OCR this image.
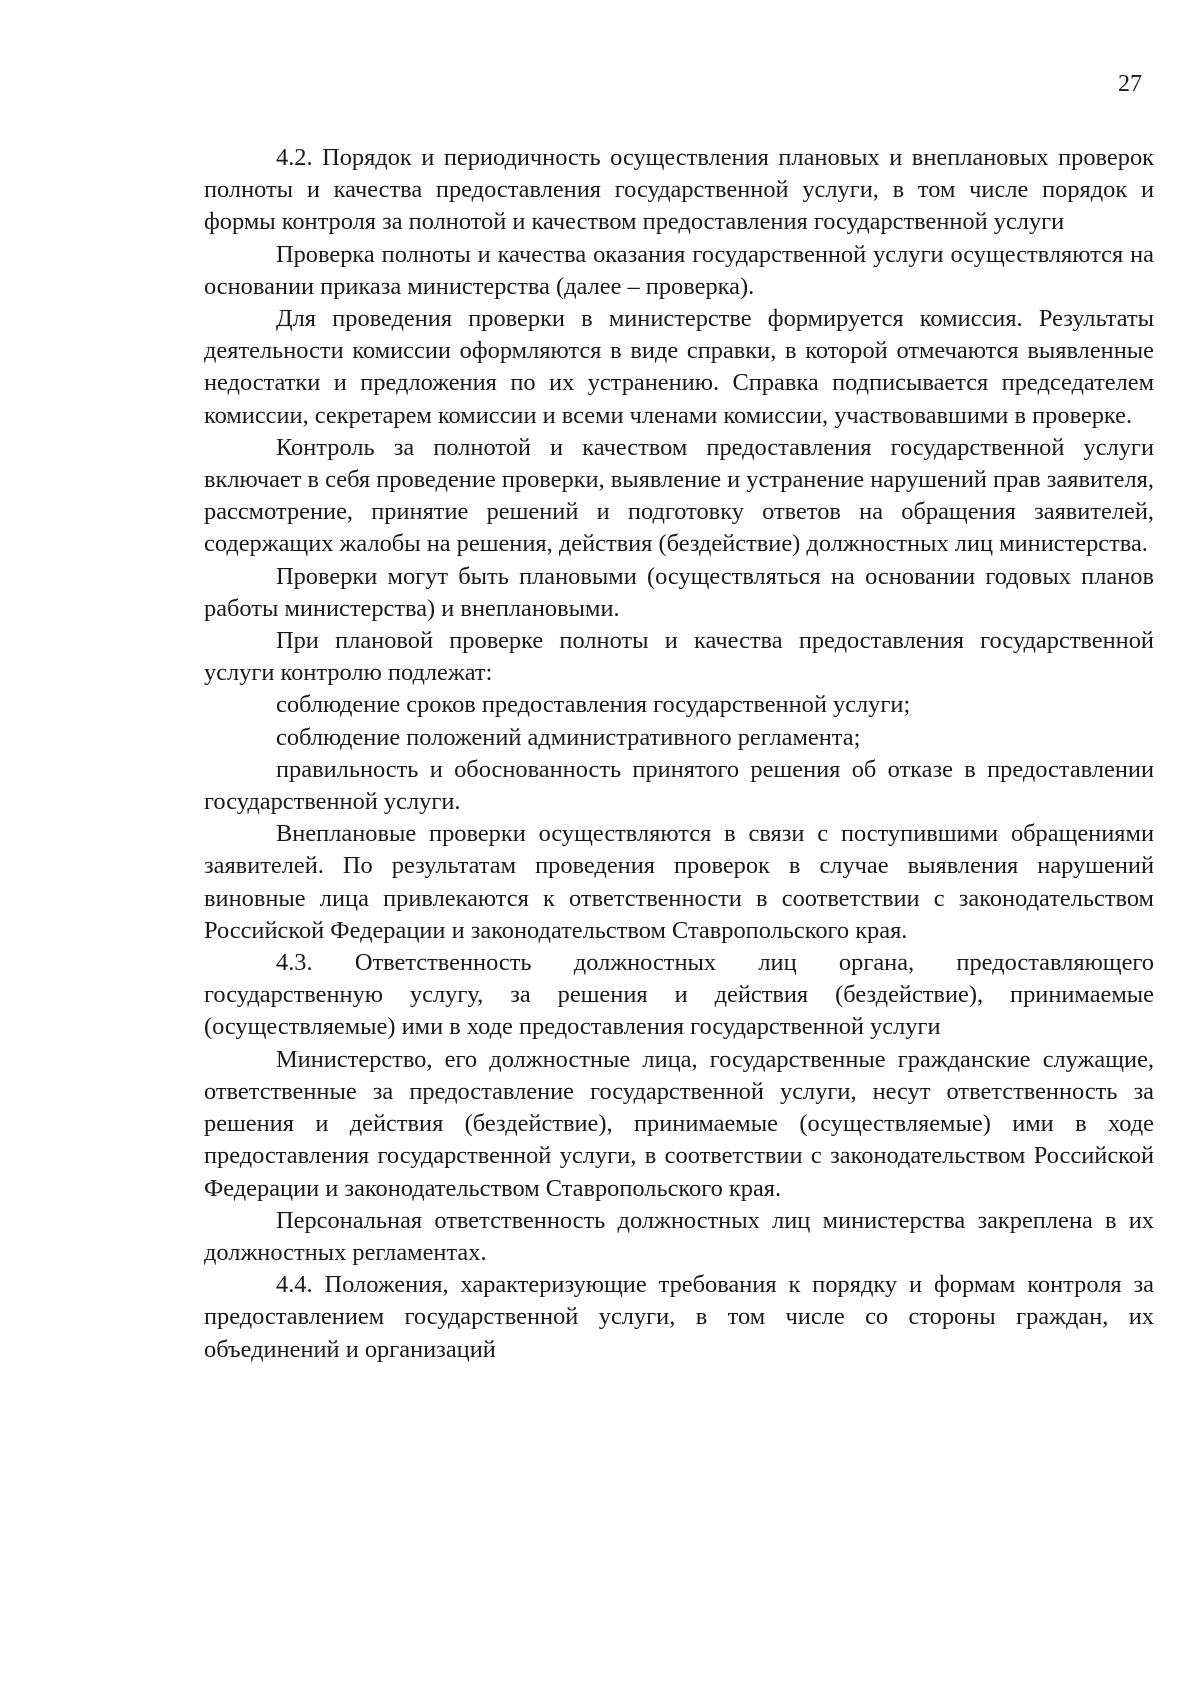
27

4.2. Порядок и периодичность осуществления плановых и внеплановых проверок полноты и качества предоставления государственной услуги, в том числе порядок и формы контроля за полнотой и качеством предоставления государственной услуги

Проверка полноты и качества оказания государственной услуги осуществляются на основании приказа министерства (далее – проверка).

Для проведения проверки в министерстве формируется комиссия. Результаты деятельности комиссии оформляются в виде справки, в которой отмечаются выявленные недостатки и предложения по их устранению. Справка подписывается председателем комиссии, секретарем комиссии и всеми членами комиссии, участвовавшими в проверке.

Контроль за полнотой и качеством предоставления государственной услуги включает в себя проведение проверки, выявление и устранение нарушений прав заявителя, рассмотрение, принятие решений и подготовку ответов на обращения заявителей, содержащих жалобы на решения, действия (бездействие) должностных лиц министерства.

Проверки могут быть плановыми (осуществляться на основании годовых планов работы министерства) и внеплановыми.

При плановой проверке полноты и качества предоставления государственной услуги контролю подлежат:

соблюдение сроков предоставления государственной услуги;

соблюдение положений административного регламента;

правильность и обоснованность принятого решения об отказе в предоставлении государственной услуги.

Внеплановые проверки осуществляются в связи с поступившими обращениями заявителей. По результатам проведения проверок в случае выявления нарушений виновные лица привлекаются к ответственности в соответствии с законодательством Российской Федерации и законодательством Ставропольского края.

4.3. Ответственность должностных лиц органа, предоставляющего государственную услугу, за решения и действия (бездействие), принимаемые (осуществляемые) ими в ходе предоставления государственной услуги

Министерство, его должностные лица, государственные гражданские служащие, ответственные за предоставление государственной услуги, несут ответственность за решения и действия (бездействие), принимаемые (осуществляемые) ими в ходе предоставления государственной услуги, в соответствии с законодательством Российской Федерации и законодательством Ставропольского края.

Персональная ответственность должностных лиц министерства закреплена в их должностных регламентах.

4.4. Положения, характеризующие требования к порядку и формам контроля за предоставлением государственной услуги, в том числе со стороны граждан, их объединений и организаций
